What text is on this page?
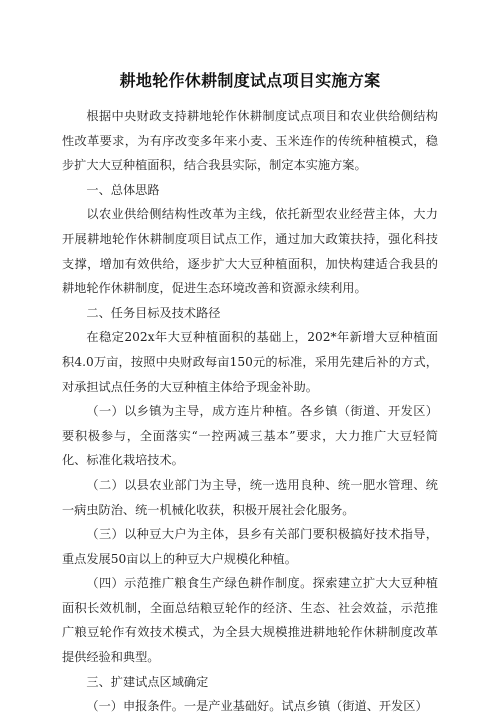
耕地轮作休耕制度试点项目实施方案

根据中央财政支持耕地轮作休耕制度试点项目和农业供给侧结构性改革要求，为有序改变多年来小麦、玉米连作的传统种植模式，稳步扩大大豆种植面积，结合我县实际，制定本实施方案。

一、总体思路

以农业供给侧结构性改革为主线，依托新型农业经营主体，大力开展耕地轮作休耕制度项目试点工作，通过加大政策扶持，强化科技支撑，增加有效供给，逐步扩大大豆种植面积，加快构建适合我县的耕地轮作休耕制度，促进生态环境改善和资源永续利用。

二、任务目标及技术路径

在稳定202x年大豆种植面积的基础上，202*年新增大豆种植面积4.0万亩，按照中央财政每亩150元的标准，采用先建后补的方式，对承担试点任务的大豆种植主体给予现金补助。

（一）以乡镇为主导，成方连片种植。各乡镇（街道、开发区）要积极参与，全面落实“一控两减三基本”要求，大力推广大豆轻简化、标准化栽培技术。

（二）以县农业部门为主导，统一选用良种、统一肥水管理、统一病虫防治、统一机械化收获，积极开展社会化服务。

（三）以种豆大户为主体，县乡有关部门要积极搞好技术指导，重点发展50亩以上的种豆大户规模化种植。

（四）示范推广粮食生产绿色耕作制度。探索建立扩大大豆种植面积长效机制，全面总结粮豆轮作的经济、生态、社会效益，示范推广粮豆轮作有效技术模式，为全县大规模推进耕地轮作休耕制度改革提供经验和典型。

三、扩建试点区域确定

（一）申报条件。一是产业基础好。试点乡镇（街道、开发区）
